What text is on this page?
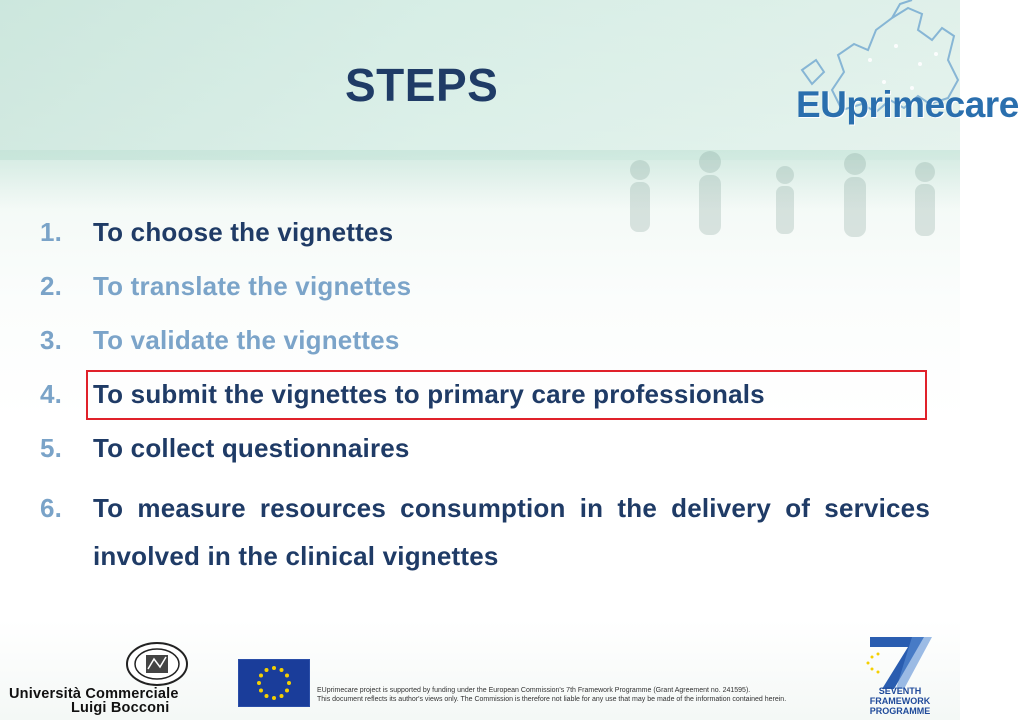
EUprimecare
STEPS
1.	To choose the vignettes
2.	To translate the vignettes
3.	To validate the vignettes
4.	To submit the vignettes to primary care professionals
5.	To collect questionnaires
6.	To measure resources consumption in the delivery of services involved in the clinical vignettes
Università Commerciale
Luigi Bocconi
EUprimecare project is supported by funding under the European Commission's 7th Framework Programme (Grant Agreement no. 241595).
This document reflects its author's views only. The Commission is therefore not liable for any use that may be made of the information contained herein.
SEVENTH FRAMEWORK
PROGRAMME
